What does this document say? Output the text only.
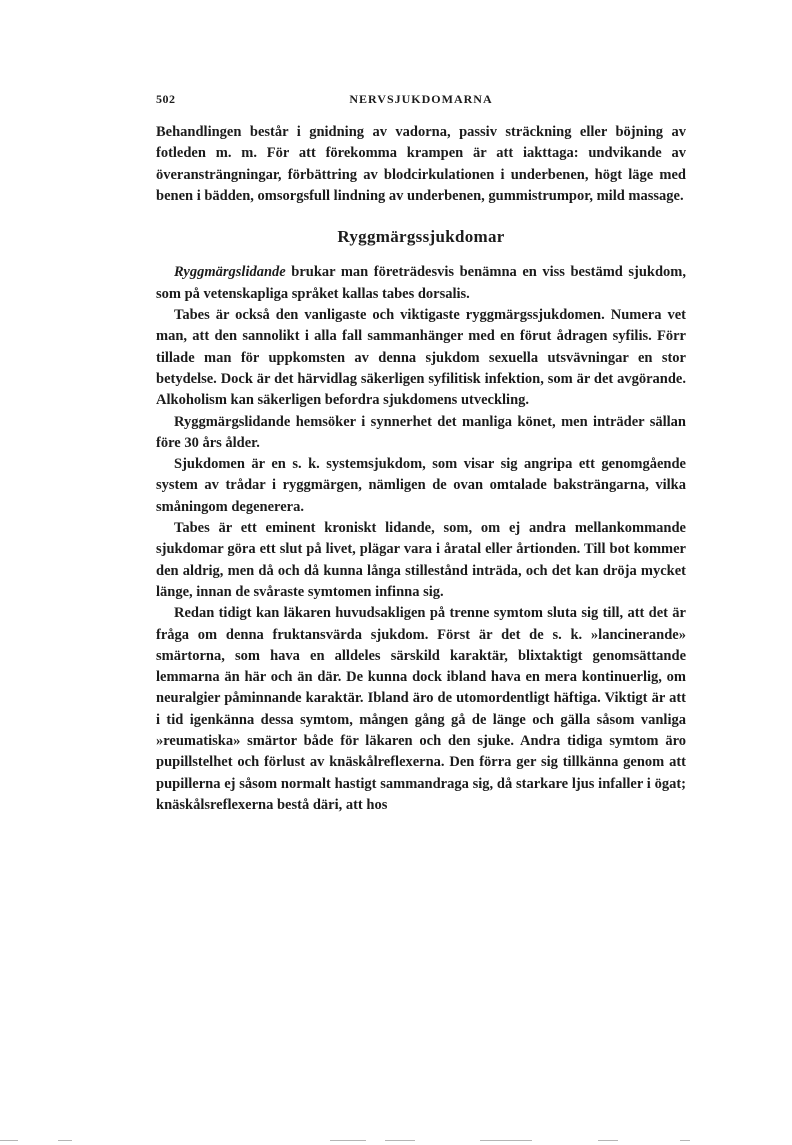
502	NERVSJUKDOMARNA

Behandlingen består i gnidning av vadorna, passiv sträckning eller böjning av fotleden m. m. För att förekomma krampen är att iakttaga: undvikande av överansträngningar, förbättring av blodcirkulationen i underbenen, högt läge med benen i bädden, omsorgsfull lindning av underbenen, gummistrumpor, mild massage.

Ryggmärgssjukdomar

Ryggmärgslidande brukar man företrädesvis benämna en viss bestämd sjukdom, som på vetenskapliga språket kallas tabes dorsalis.

Tabes är också den vanligaste och viktigaste ryggmärgssjukdomen. Numera vet man, att den sannolikt i alla fall sammanhänger med en förut ådragen syfilis. Förr tillade man för uppkomsten av denna sjukdom sexuella utsvävningar en stor betydelse. Dock är det härvidlag säkerligen syfilitisk infektion, som är det avgörande. Alkoholism kan säkerligen befordra sjukdomens utveckling.

Ryggmärgslidande hemsöker i synnerhet det manliga könet, men inträder sällan före 30 års ålder.

Sjukdomen är en s. k. systemsjukdom, som visar sig angripa ett genomgående system av trådar i ryggmärgen, nämligen de ovan omtalade baksträngarna, vilka småningom degenerera.

Tabes är ett eminent kroniskt lidande, som, om ej andra mellankommande sjukdomar göra ett slut på livet, plägar vara i åratal eller årtionden. Till bot kommer den aldrig, men då och då kunna långa stillestånd inträda, och det kan dröja mycket länge, innan de svåraste symtomen infinna sig.

Redan tidigt kan läkaren huvudsakligen på trenne symtom sluta sig till, att det är fråga om denna fruktansvärda sjukdom. Först är det de s. k. »lancinerande» smärtorna, som hava en alldeles särskild karaktär, blixtaktigt genomsättande lemmarna än här och än där. De kunna dock ibland hava en mera kontinuerlig, om neuralgier påminnande karaktär. Ibland äro de utomordentligt häftiga. Viktigt är att i tid igenkänna dessa symtom, mången gång gå de länge och gälla såsom vanliga »reumatiska» smärtor både för läkaren och den sjuke. Andra tidiga symtom äro pupillstelhet och förlust av knäskålreflexerna. Den förra ger sig tillkänna genom att pupillerna ej såsom normalt hastigt sammandraga sig, då starkare ljus infaller i ögat; knäskålsreflexerna bestå däri, att hos
